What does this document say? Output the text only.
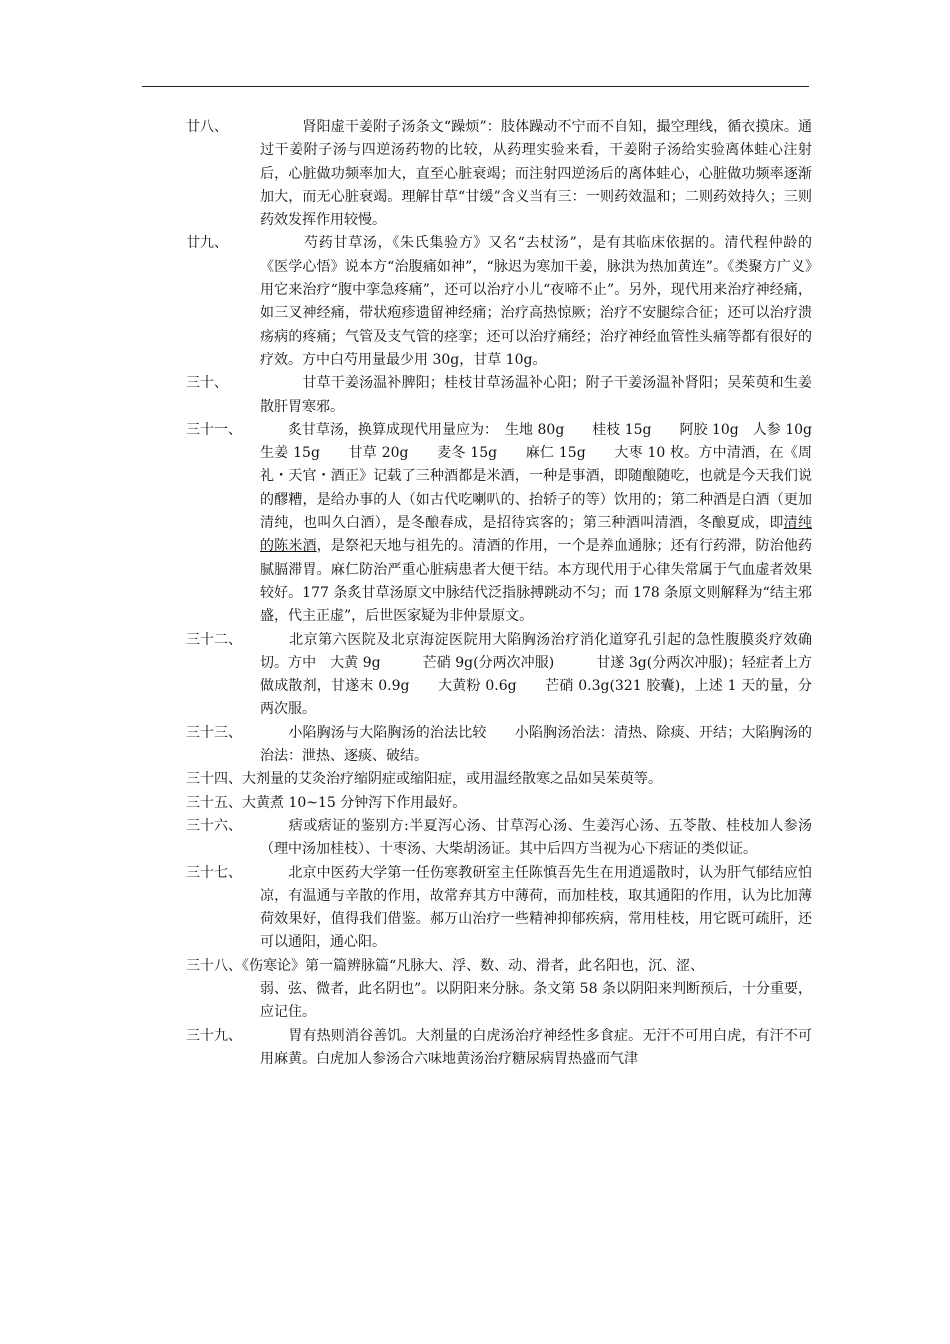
廿八、 　　　肾阳虚干姜附子汤条文“躁烦”：肢体躁动不宁而不自知，撮空理线，循衣摸床。通过干姜附子汤与四逆汤药物的比较，从药理实验来看，干姜附子汤给实验离体蛙心注射后，心脏做功频率加大，直至心脏衰竭；而注射四逆汤后的离体蛙心，心脏做功频率逐渐加大，而无心脏衰竭。理解甘草“甘缓”含义当有三：一则药效温和；二则药效持久；三则药效发挥作用较慢。
廿九、 　　　芍药甘草汤，《朱氏集验方》又名“去杖汤”，是有其临床依据的。清代程仲龄的《医学心悟》说本方“治腹痛如神”，“脉迟为寒加干姜，脉洪为热加黄连”。《类聚方广义》用它来治疗“腹中挛急疼痛”，还可以治疗小儿“夜啼不止”。另外，现代用来治疗神经痛，如三叉神经痛，带状疱疹遗留神经痛；治疗高热惊厥；治疗不安腿综合征；还可以治疗溃疡病的疼痛；气管及支气管的痉挛；还可以治疗痛经；治疗神经血管性头痛等都有很好的疗效。方中白芍用量最少用 30g，甘草 10g。
三十、 　　　甘草干姜汤温补脾阳；桂枝甘草汤温补心阳；附子干姜汤温补肾阳；吴茱萸和生姜散肝胃寒邪。
三十一、 　　炙甘草汤，换算成现代用量应为：　生地 80g　　桂枝 15g　　阿胶 10g　人参 10g　　生姜 15g　　甘草 20g　　麦冬 15g　　麻仁 15g　　大枣 10 枚。方中清酒，在《周礼・天官・酒正》记载了三种酒都是米酒，一种是事酒，即随酿随吃，也就是今天我们说的醪糟，是给办事的人（如古代吃喇叭的、抬轿子的等）饮用的；第二种酒是白酒（更加清纯，也叫久白酒），是冬酿春成，是招待宾客的；第三种酒叫清酒，冬酿夏成，即清纯的陈米酒，是祭祀天地与祖先的。清酒的作用，一个是养血通脉；还有行药滞，防治他药腻膈滞胃。麻仁防治严重心脏病患者大便干结。本方现代用于心律失常属于气血虚者效果较好。177 条炙甘草汤原文中脉结代泛指脉搏跳动不匀；而 178 条原文则解释为“结主邪盛，代主正虚”，后世医家疑为非仲景原文。
三十二、 　　北京第六医院及北京海淀医院用大陷胸汤治疗消化道穿孔引起的急性腹膜炎疗效确切。方中　大黄 9g　　　芒硝 9g(分两次冲服)　　　甘遂 3g(分两次冲服)；轻症者上方做成散剂，甘遂末 0.9g　　大黄粉 0.6g　　芒硝 0.3g(321 胶囊)，上述 1 天的量，分两次服。
三十三、 　　小陷胸汤与大陷胸汤的治法比较　　小陷胸汤治法：清热、除痰、开结；大陷胸汤的治法：泄热、逐痰、破结。
三十四、大剂量的艾灸治疗缩阴症或缩阳症，或用温经散寒之品如吴茱萸等。
三十五、大黄煮 10~15 分钟泻下作用最好。
三十六、 　　痞或痞证的鉴别方:半夏泻心汤、甘草泻心汤、生姜泻心汤、五苓散、桂枝加人参汤（理中汤加桂枝）、十枣汤、大柴胡汤证。其中后四方当视为心下痞证的类似证。
三十七、 　　北京中医药大学第一任伤寒教研室主任陈慎吾先生在用逍遥散时，认为肝气郁结应怕凉，有温通与辛散的作用，故常弃其方中薄荷，而加桂枝，取其通阳的作用，认为比加薄荷效果好，值得我们借鉴。郝万山治疗一些精神抑郁疾病，常用桂枝，用它既可疏肝，还可以通阳，通心阳。
三十八、《伤寒论》第一篇辨脉篇“凡脉大、浮、数、动、滑者，此名阳也，沉、涩、
弱、弦、微者，此名阴也”。以阴阳来分脉。条文第 58 条以阴阳来判断预后，十分重要，应记住。
三十九、 　　胃有热则消谷善饥。大剂量的白虎汤治疗神经性多食症。无汗不可用白虎，有汗不可用麻黄。白虎加人参汤合六味地黄汤治疗糖尿病胃热盛而气津
